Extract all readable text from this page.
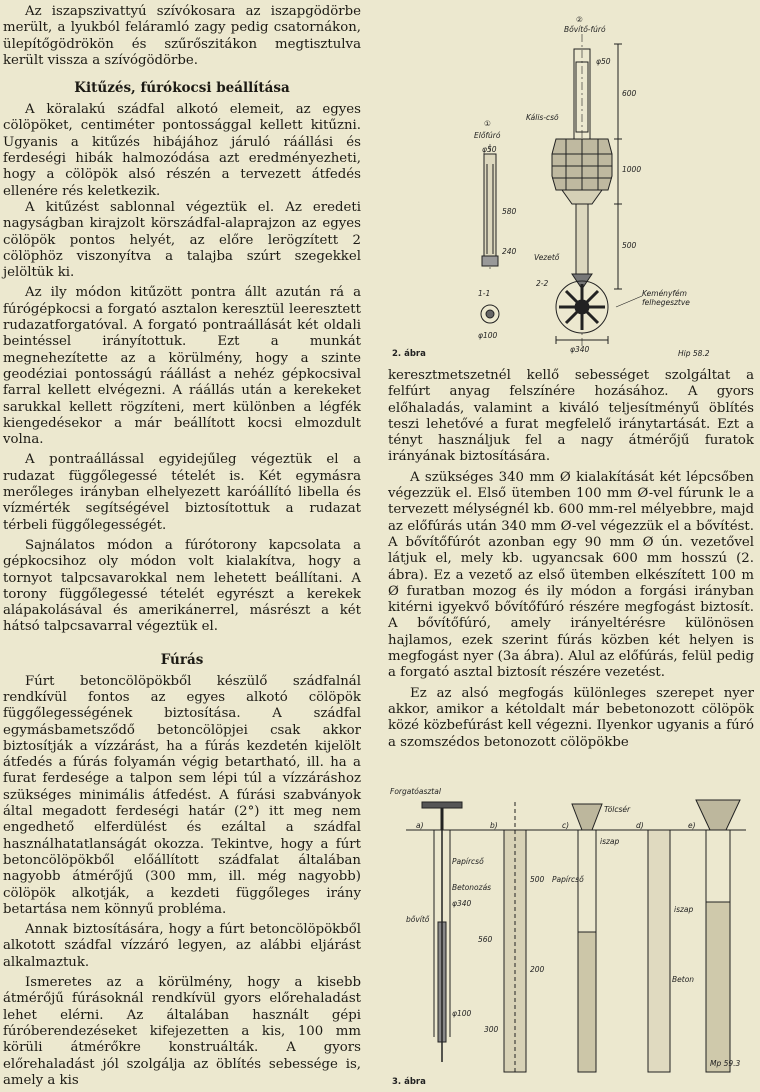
Az iszapszivattyú szívókosara az iszapgödörbe merült, a lyukból feláramló zagy pedig csatornákon, ülepítőgödrökön és szűrőszitákon megtisztulva került vissza a szívógödörbe.

Kitűzés, fúrókocsi beállítása

A köralakú szádfal alkotó elemeit, az egyes cölöpöket, centiméter pontossággal kellett kitűzni. Ugyanis a kitűzés hibájához járuló ráállási és ferdeségi hibák halmozódása azt eredményezheti, hogy a cölöpök alsó részén a tervezett átfedés ellenére rés keletkezik.

A kitűzést sablonnal végeztük el. Az eredeti nagyságban kirajzolt körszádfal-alaprajzon az egyes cölöpök pontos helyét, az előre lerögzített 2 cölöphöz viszonyítva a talajba szúrt szegekkel jelöltük ki.

Az ily módon kitűzött pontra állt azután rá a fúrógépkocsi a forgató asztalon keresztül leeresztett rudazatforgatóval. A forgató pontraállását két oldali beintéssel irányítottuk. Ezt a munkát megnehezítette az a körülmény, hogy a szinte geodéziai pontosságú ráállást a nehéz gépkocsival farral kellett elvégezni. A ráállás után a kerekeket sarukkal kellett rögzíteni, mert különben a légfék kiengedésekor a már beállított kocsi elmozdult volna.

A pontraállással egyidejűleg végeztük el a rudazat függőlegessé tételét is. Két egymásra merőleges irányban elhelyezett karóállító libella és vízmérték segítségével biztosítottuk a rudazat térbeli függőlegességét.

Sajnálatos módon a fúrótorony kapcsolata a gépkocsihoz oly módon volt kialakítva, hogy a tornyot talpcsavarokkal nem lehetett beállítani. A torony függőlegessé tételét egyrészt a kerekek alápakolásával és amerikánerrel, másrészt a két hátsó talpcsavarral végeztük el.

Fúrás

Fúrt betoncölöpökből készülő szádfalnál rendkívül fontos az egyes alkotó cölöpök függőlegességének biztosítása. A szádfal egymásbametsződő betoncölöpjei csak akkor biztosítják a vízzárást, ha a fúrás kezdetén kijelölt átfedés a fúrás folyamán végig betartható, ill. ha a furat ferdesége a talpon sem lépi túl a vízzáráshoz szükséges minimális átfedést. A fúrási szabványok által megadott ferdeségi határ (2°) itt meg nem engedhető elferdülést és ezáltal a szádfal használhatatlanságát okozza. Tekintve, hogy a fúrt betoncölöpökből előállított szádfalat általában nagyobb átmérőjű (300 mm, ill. még nagyobb) cölöpök alkotják, a kezdeti függőleges irány betartása nem könnyű probléma.

Annak biztosítására, hogy a fúrt betoncölöpökből alkotott szádfal vízzáró legyen, az alábbi eljárást alkalmaztuk.

Ismeretes az a körülmény, hogy a kisebb átmérőjű fúrásoknál rendkívül gyors előrehaladást lehet elérni. Az általában használt gépi fúróberendezéseket kifejezetten a kis, 100 mm körüli átmérőkre konstruálták. A gyors előrehaladást jól szolgálja az öblítés sebessége is, amely a kis

②
Bővítő-fúró
φ50
Kális-csö
Vezető
600
1000
500
①
Előfúró
φ50
580
240
1-1
φ100
2-2
Keményfém
felhegesztve
φ340
2. ábra	Hip 58.2

keresztmetszetnél kellő sebességet szolgáltat a felfúrt anyag felszínére hozásához. A gyors előhaladás, valamint a kiváló teljesítményű öblítés teszi lehetővé a furat megfelelő iránytartását. Ezt a tényt használjuk fel a nagy átmérőjű furatok irányának biztosítására.

A szükséges 340 mm Ø kialakítását két lépcsőben végezzük el. Első ütemben 100 mm Ø-vel fúrunk le a tervezett mélységnél kb. 600 mm-rel mélyebbre, majd az előfúrás után 340 mm Ø-vel végezzük el a bővítést. A bővítőfúrót azonban egy 90 mm Ø ún. vezetővel látjuk el, mely kb. ugyancsak 600 mm hosszú (2. ábra). Ez a vezető az első ütemben elkészített 100 m Ø furatban mozog és ily módon a forgási irányban kitérni igyekvő bővítőfúró részére megfogást biztosít. A bővítőfúró, amely irányeltérésre különösen hajlamos, ezek szerint fúrás közben két helyen is megfogást nyer (3a ábra). Alul az előfúrás, felül pedig a forgató asztal biztosít részére vezetést.

Ez az alsó megfogás különleges szerepet nyer akkor, amikor a kétoldalt már bebetonozott cölöpök közé közbefúrást kell végezni. Ilyenkor ugyanis a fúró a szomszédos betonozott cölöpökbe

Forgatóasztal
a)	b)	c)	d)	e)
Tölcsér
iszap
iszap
Papírcső
Betonozás
Papírcső
bővítő
Beton
560
300
200
500
φ340
φ100
3. ábra
Mp 59.3
